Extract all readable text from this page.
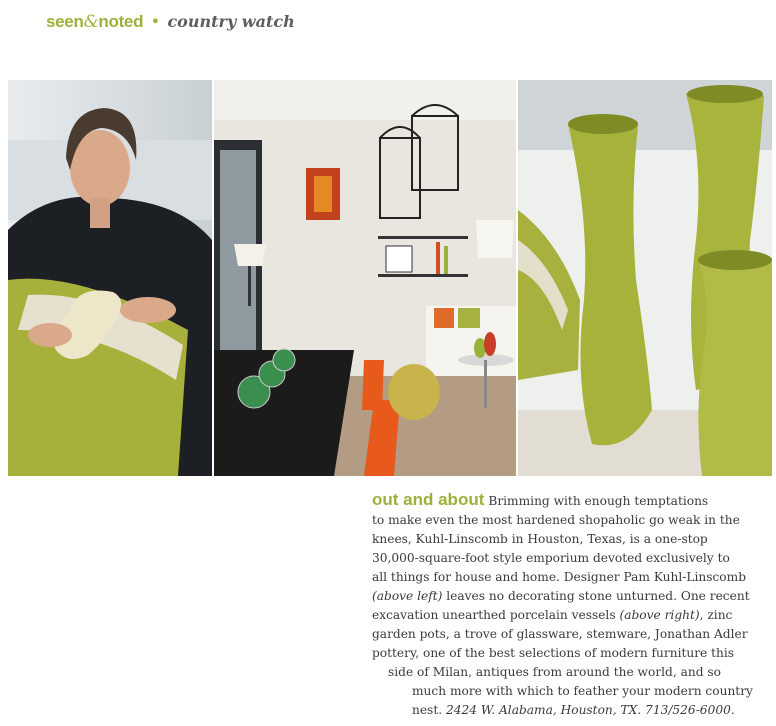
seen&noted • country watch
out and about Brimming with enough temptations
to make even the most hardened shopaholic go weak in the
knees, Kuhl-Linscomb in Houston, Texas, is a one-stop
30,000-square-foot style emporium devoted exclusively to
all things for house and home. Designer Pam Kuhl-Linscomb
(above left) leaves no decorating stone unturned. One recent
excavation unearthed porcelain vessels (above right), zinc
garden pots, a trove of glassware, stemware, Jonathan Adler
pottery, one of the best selections of modern furniture this
side of Milan, antiques from around the world, and so
much more with which to feather your modern country
nest. 2424 W. Alabama, Houston, TX. 713/526-6000.
